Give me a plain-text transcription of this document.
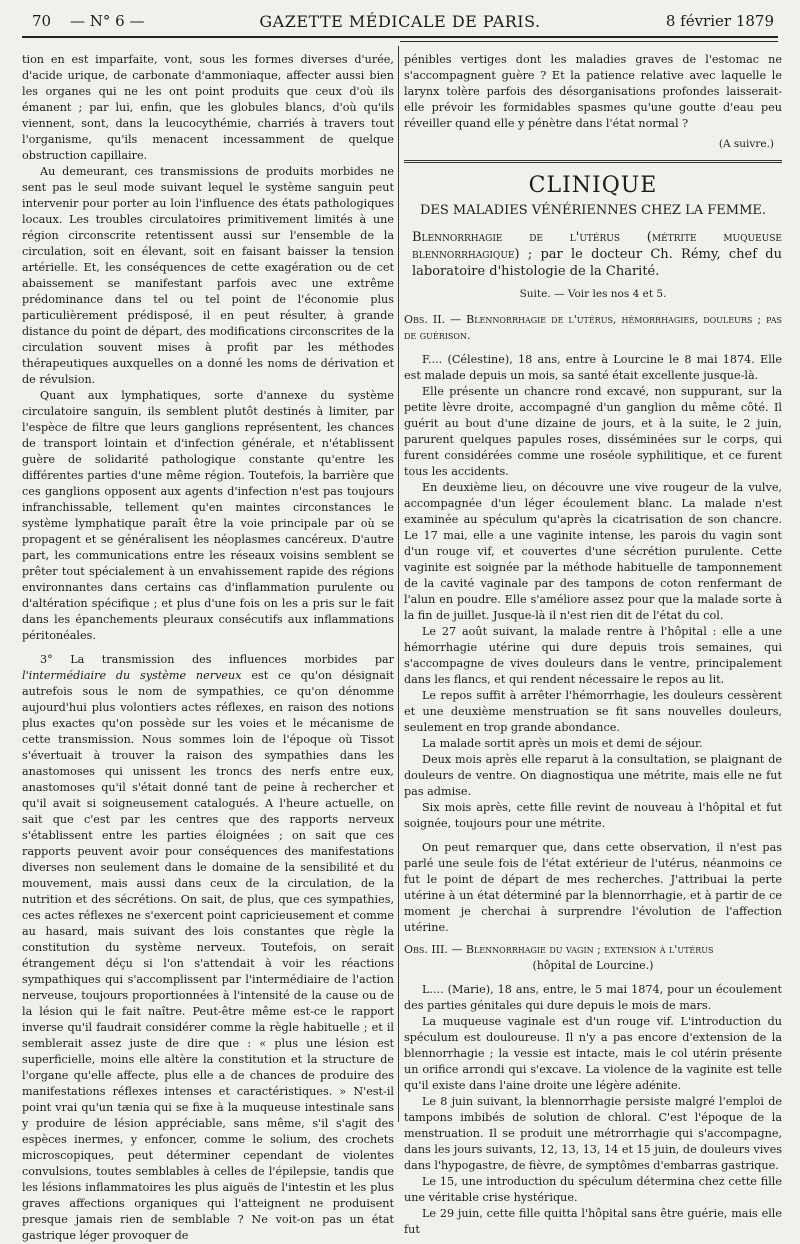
70 — N° 6 —	GAZETTE MÉDICALE DE PARIS.	8 février 1879

tion en est imparfaite, vont, sous les formes diverses d'urée, d'acide urique, de carbonate d'ammoniaque, affecter aussi bien les organes qui ne les ont point produits que ceux d'où ils émanent ; par lui, enfin, que les globules blancs, d'où qu'ils viennent, sont, dans la leucocythémie, charriés à travers tout l'organisme, qu'ils menacent incessamment de quelque obstruction capillaire.

Au demeurant, ces transmissions de produits morbides ne sent pas le seul mode suivant lequel le système sanguin peut intervenir pour porter au loin l'influence des états pathologiques locaux. Les troubles circulatoires primitivement limités à une région circonscrite retentissent aussi sur l'ensemble de la circulation, soit en élevant, soit en faisant baisser la tension artérielle. Et, les conséquences de cette exagération ou de cet abaissement se manifestant parfois avec une extrême prédominance dans tel ou tel point de l'économie plus particulièrement prédisposé, il en peut résulter, à grande distance du point de départ, des modifications circonscrites de la circulation souvent mises à profit par les méthodes thérapeutiques auxquelles on a donné les noms de dérivation et de révulsion.

Quant aux lymphatiques, sorte d'annexe du système circulatoire sanguin, ils semblent plutôt destinés à limiter, par l'espèce de filtre que leurs ganglions représentent, les chances de transport lointain et d'infection générale, et n'établissent guère de solidarité pathologique constante qu'entre les différentes parties d'une même région. Toutefois, la barrière que ces ganglions opposent aux agents d'infection n'est pas toujours infranchissable, tellement qu'en maintes circonstances le système lymphatique paraît être la voie principale par où se propagent et se généralisent les néoplasmes cancéreux. D'autre part, les communications entre les réseaux voisins semblent se prêter tout spécialement à un envahissement rapide des régions environnantes dans certains cas d'inflammation purulente ou d'altération spécifique ; et plus d'une fois on les a pris sur le fait dans les épanchements pleuraux consécutifs aux inflammations péritonéales.

3° La transmission des influences morbides par l'intermédiaire du système nerveux est ce qu'on désignait autrefois sous le nom de sympathies, ce qu'on dénomme aujourd'hui plus volontiers actes réflexes, en raison des notions plus exactes qu'on possède sur les voies et le mécanisme de cette transmission. Nous sommes loin de l'époque où Tissot s'évertuait à trouver la raison des sympathies dans les anastomoses qui unissent les troncs des nerfs entre eux, anastomoses qu'il s'était donné tant de peine à rechercher et qu'il avait si soigneusement catalogués. A l'heure actuelle, on sait que c'est par les centres que des rapports nerveux s'établissent entre les parties éloignées ; on sait que ces rapports peuvent avoir pour conséquences des manifestations diverses non seulement dans le domaine de la sensibilité et du mouvement, mais aussi dans ceux de la circulation, de la nutrition et des sécrétions. On sait, de plus, que ces sympathies, ces actes réflexes ne s'exercent point capricieusement et comme au hasard, mais suivant des lois constantes que règle la constitution du système nerveux. Toutefois, on serait étrangement déçu si l'on s'attendait à voir les réactions sympathiques qui s'accomplissent par l'intermédiaire de l'action nerveuse, toujours proportionnées à l'intensité de la cause ou de la lésion qui le fait naître. Peut-être même est-ce le rapport inverse qu'il faudrait considérer comme la règle habituelle ; et il semblerait assez juste de dire que : « plus une lésion est superficielle, moins elle altère la constitution et la structure de l'organe qu'elle affecte, plus elle a de chances de produire des manifestations réflexes intenses et caractéristiques. » N'est-il point vrai qu'un tænia qui se fixe à la muqueuse intestinale sans y produire de lésion appréciable, sans même, s'il s'agit des espèces inermes, y enfoncer, comme le solium, des crochets microscopiques, peut déterminer cependant de violentes convulsions, toutes semblables à celles de l'épilepsie, tandis que les lésions inflammatoires les plus aiguës de l'intestin et les plus graves affections organiques qui l'atteignent ne produisent presque jamais rien de semblable ? Ne voit-on pas un état gastrique léger provoquer de

pénibles vertiges dont les maladies graves de l'estomac ne s'accompagnent guère ? Et la patience relative avec laquelle le larynx tolère parfois des désorganisations profondes laisserait-elle prévoir les formidables spasmes qu'une goutte d'eau peu réveiller quand elle y pénètre dans l'état normal ?

(A suivre.)
CLINIQUE
DES MALADIES VÉNÉRIENNES CHEZ LA FEMME.

Blennorrhagie de l'utérus (métrite muqueuse blennorrhagique) ; par le docteur Ch. Rémy, chef du laboratoire d'histologie de la Charité.

Suite. — Voir les nos 4 et 5.

Obs. II. — Blennorrhagie de l'utérus, hémorrhagies, douleurs ; pas de guérison.

F.... (Célestine), 18 ans, entre à Lourcine le 8 mai 1874. Elle est malade depuis un mois, sa santé était excellente jusque-là.

Elle présente un chancre rond excavé, non suppurant, sur la petite lèvre droite, accompagné d'un ganglion du même côté. Il guérit au bout d'une dizaine de jours, et à la suite, le 2 juin, parurent quelques papules roses, disséminées sur le corps, qui furent considérées comme une roséole syphilitique, et ce furent tous les accidents.

En deuxième lieu, on découvre une vive rougeur de la vulve, accompagnée d'un léger écoulement blanc. La malade n'est examinée au spéculum qu'après la cicatrisation de son chancre. Le 17 mai, elle a une vaginite intense, les parois du vagin sont d'un rouge vif, et couvertes d'une sécrétion purulente. Cette vaginite est soignée par la méthode habituelle de tamponnement de la cavité vaginale par des tampons de coton renfermant de l'alun en poudre. Elle s'améliore assez pour que la malade sorte à la fin de juillet. Jusque-là il n'est rien dit de l'état du col.

Le 27 août suivant, la malade rentre à l'hôpital : elle a une hémorrhagie utérine qui dure depuis trois semaines, qui s'accompagne de vives douleurs dans le ventre, principalement dans les flancs, et qui rendent nécessaire le repos au lit.

Le repos suffit à arrêter l'hémorrhagie, les douleurs cessèrent et une deuxième menstruation se fit sans nouvelles douleurs, seulement en trop grande abondance.

La malade sortit après un mois et demi de séjour.

Deux mois après elle reparut à la consultation, se plaignant de douleurs de ventre. On diagnostiqua une métrite, mais elle ne fut pas admise.

Six mois après, cette fille revint de nouveau à l'hôpital et fut soignée, toujours pour une métrite.

On peut remarquer que, dans cette observation, il n'est pas parlé une seule fois de l'état extérieur de l'utérus, néanmoins ce fut le point de départ de mes recherches. J'attribuai la perte utérine à un état déterminé par la blennorrhagie, et à partir de ce moment je cherchai à surprendre l'évolution de l'affection utérine.

Obs. III. — Blennorrhagie du vagin ; extension à l'utérus
(hôpital de Lourcine.)

L.... (Marie), 18 ans, entre, le 5 mai 1874, pour un écoulement des parties génitales qui dure depuis le mois de mars.

La muqueuse vaginale est d'un rouge vif. L'introduction du spéculum est douloureuse. Il n'y a pas encore d'extension de la blennorrhagie ; la vessie est intacte, mais le col utérin présente un orifice arrondi qui s'excave. La violence de la vaginite est telle qu'il existe dans l'aine droite une légère adénite.

Le 8 juin suivant, la blennorrhagie persiste malgré l'emploi de tampons imbibés de solution de chloral. C'est l'époque de la menstruation. Il se produit une métrorrhagie qui s'accompagne, dans les jours suivants, 12, 13, 13, 14 et 15 juin, de douleurs vives dans l'hypogastre, de fièvre, de symptômes d'embarras gastrique.

Le 15, une introduction du spéculum détermina chez cette fille une véritable crise hystérique.

Le 29 juin, cette fille quitta l'hôpital sans être guérie, mais elle fut
